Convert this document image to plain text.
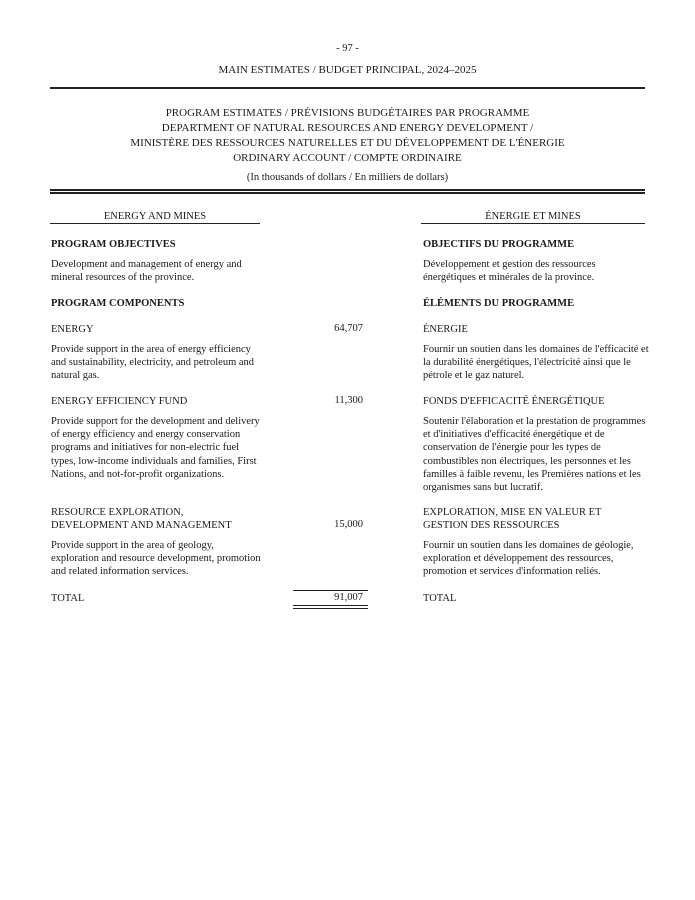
- 97 -
MAIN ESTIMATES / BUDGET PRINCIPAL, 2024–2025
PROGRAM ESTIMATES / PRÉVISIONS BUDGÉTAIRES PAR PROGRAMME
DEPARTMENT OF NATURAL RESOURCES AND ENERGY DEVELOPMENT /
MINISTÈRE DES RESSOURCES NATURELLES ET DU DÉVELOPPEMENT DE L'ÉNERGIE
ORDINARY ACCOUNT / COMPTE ORDINAIRE
(In thousands of dollars / En milliers de dollars)
ENERGY AND MINES	ÉNERGIE ET MINES
PROGRAM OBJECTIVES	OBJECTIFS DU PROGRAMME
Development and management of energy and
mineral resources of the province.
Développement et gestion des ressources
énergétiques et minérales de la province.
PROGRAM COMPONENTS	ÉLÉMENTS DU PROGRAMME
ENERGY	64,707	ÉNERGIE
Provide support in the area of energy efficiency
and sustainability, electricity, and petroleum and
natural gas.
Fournir un soutien dans les domaines de l'efficacité et
la durabilité énergétiques, l'électricité ainsi que le
pétrole et le gaz naturel.
ENERGY EFFICIENCY FUND	11,300	FONDS D'EFFICACITÉ ÉNERGÉTIQUE
Provide support for the development and delivery
of energy efficiency and energy conservation
programs and initiatives for non-electric fuel
types, low-income individuals and families, First
Nations, and not-for-profit organizations.
Soutenir l'élaboration et la prestation de programmes
et d'initiatives d'efficacité énergétique et de
conservation de l'énergie pour les types de
combustibles non électriques, les personnes et les
familles à faible revenu, les Premières nations et les
organismes sans but lucratif.
RESOURCE EXPLORATION,
DEVELOPMENT AND MANAGEMENT	15,000
EXPLORATION, MISE EN VALEUR ET
GESTION DES RESSOURCES
Provide support in the area of geology,
exploration and resource development, promotion
and related information services.
Fournir un soutien dans les domaines de géologie,
exploration et développement des ressources,
promotion et services d'information reliés.
TOTAL	91,007	TOTAL
